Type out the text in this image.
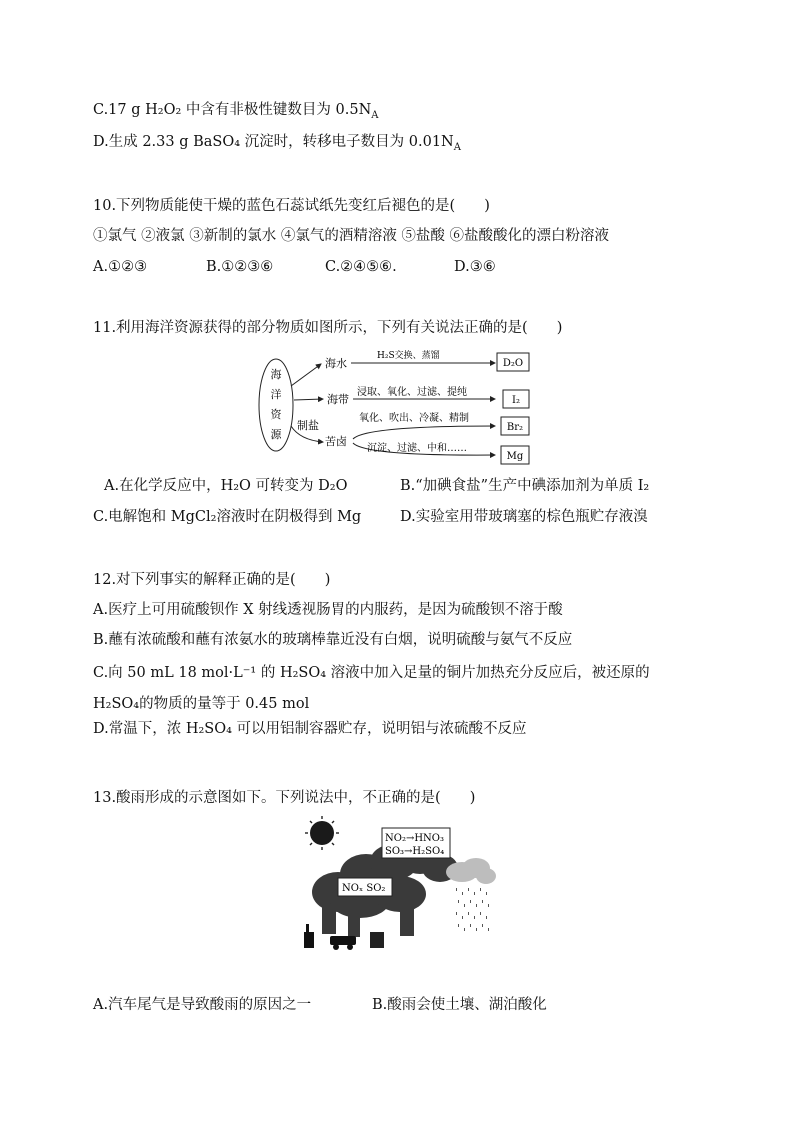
C.17 g H₂O₂ 中含有非极性键数目为 $0.5N_A$
D.生成 2.33 g BaSO₄ 沉淀时，转移电子数目为 $0.01N_A$
10.下列物质能使干燥的蓝色石蕊试纸先变红后褪色的是(　　)
①氯气 ②液氯 ③新制的氯水 ④氯气的酒精溶液 ⑤盐酸 ⑥盐酸酸化的漂白粉溶液
A.①②③	B.①②③⑥	C.②④⑤⑥.	D.③⑥
11.利用海洋资源获得的部分物质如图所示，下列有关说法正确的是(　　)
海
洋
资
源
海水
海带
制盐
苦卤
H₂S交换、蒸馏
D₂O
浸取、氧化、过滤、提纯
I₂
氧化、吹出、冷凝、精制
Br₂
沉淀、过滤、中和……
Mg
A.在化学反应中，H₂O 可转变为 D₂O	B.“加碘食盐”生产中碘添加剂为单质 I₂
C.电解饱和 MgCl₂溶液时在阴极得到 Mg	D.实验室用带玻璃塞的棕色瓶贮存液溴
12.对下列事实的解释正确的是(　　)
A.医疗上可用硫酸钡作 X 射线透视肠胃的内服药，是因为硫酸钡不溶于酸
B.蘸有浓硫酸和蘸有浓氨水的玻璃棒靠近没有白烟，说明硫酸与氨气不反应
C.向 50 mL 18 mol·L⁻¹ 的 H₂SO₄ 溶液中加入足量的铜片加热充分反应后，被还原的
H₂SO₄的物质的量等于 0.45 mol
D.常温下，浓 H₂SO₄ 可以用铝制容器贮存，说明铝与浓硫酸不反应
13.酸雨形成的示意图如下。下列说法中，不正确的是(　　)
NO₂→HNO₃
SO₃→H₂SO₄
NOₓ SO₂
A.汽车尾气是导致酸雨的原因之一	B.酸雨会使土壤、湖泊酸化
